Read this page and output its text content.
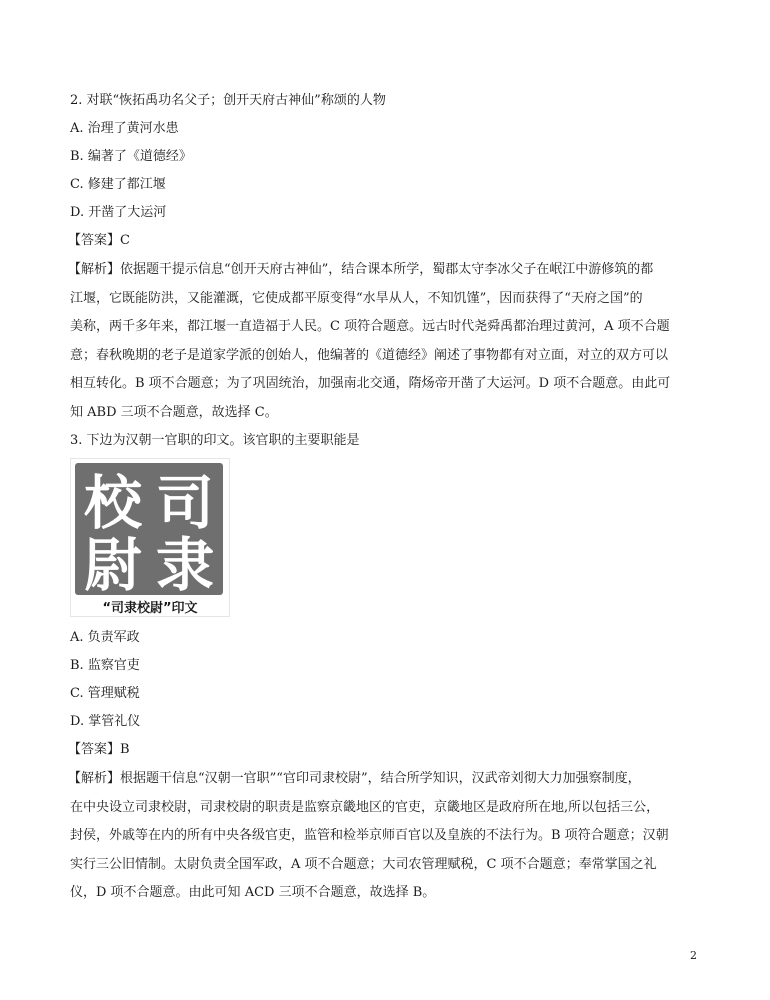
2. 对联“恢拓禹功名父子；创开天府古神仙”称颂的人物
A. 治理了黄河水患
B. 编著了《道德经》
C. 修建了都江堰
D. 开凿了大运河
【答案】C
【解析】依据题干提示信息“创开天府古神仙”，结合课本所学，蜀郡太守李冰父子在岷江中游修筑的都
江堰，它既能防洪，又能灌溉，它使成都平原变得“水旱从人，不知饥馑”，因而获得了“天府之国”的
美称，两千多年来，都江堰一直造福于人民。C 项符合题意。远古时代尧舜禹都治理过黄河，A 项不合题
意；春秋晚期的老子是道家学派的创始人，他编著的《道德经》阐述了事物都有对立面，对立的双方可以
相互转化。B 项不合题意；为了巩固统治，加强南北交通，隋炀帝开凿了大运河。D 项不合题意。由此可
知 ABD 三项不合题意，故选择 C。
3. 下边为汉朝一官职的印文。该官职的主要职能是
司
隶
校
尉
“司隶校尉”印文
A. 负责军政
B. 监察官吏
C. 管理赋税
D. 掌管礼仪
【答案】B
【解析】根据题干信息“汉朝一官职”“官印司隶校尉”，结合所学知识，汉武帝刘彻大力加强察制度，
在中央设立司隶校尉，司隶校尉的职责是监察京畿地区的官吏，京畿地区是政府所在地,所以包括三公，
封侯，外戚等在内的所有中央各级官吏，监管和检举京师百官以及皇族的不法行为。B 项符合题意；汉朝
实行三公旧情制。太尉负责全国军政，A 项不合题意；大司农管理赋税，C 项不合题意；奉常掌国之礼
仪，D 项不合题意。由此可知 ACD 三项不合题意，故选择 B。
2
